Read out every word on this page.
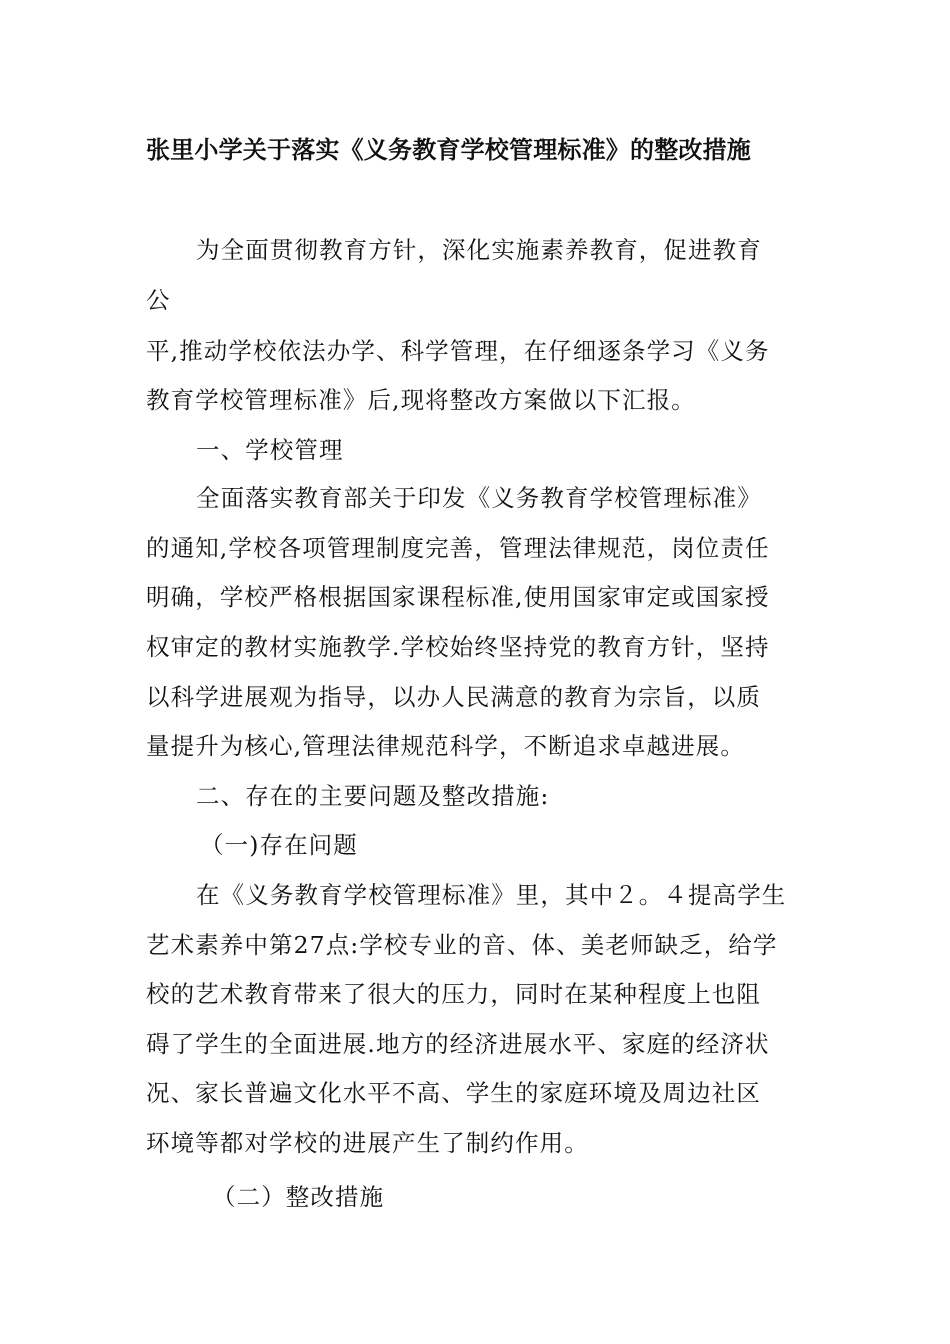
张里小学关于落实《义务教育学校管理标准》的整改措施
为全面贯彻教育方针，深化实施素养教育，促进教育
公
平,推动学校依法办学、科学管理，在仔细逐条学习《义务
教育学校管理标准》后,现将整改方案做以下汇报。
一、学校管理
全面落实教育部关于印发《义务教育学校管理标准》
的通知,学校各项管理制度完善，管理法律规范，岗位责任
明确，学校严格根据国家课程标准,使用国家审定或国家授
权审定的教材实施教学.学校始终坚持党的教育方针，坚持
以科学进展观为指导，以办人民满意的教育为宗旨，以质
量提升为核心,管理法律规范科学，不断追求卓越进展。
二、存在的主要问题及整改措施:
（一)存在问题
在《义务教育学校管理标准》里，其中２。４提高学生
艺术素养中第27点:学校专业的音、体、美老师缺乏，给学
校的艺术教育带来了很大的压力，同时在某种程度上也阻
碍了学生的全面进展.地方的经济进展水平、家庭的经济状
况、家长普遍文化水平不高、学生的家庭环境及周边社区
环境等都对学校的进展产生了制约作用。
（二）整改措施
